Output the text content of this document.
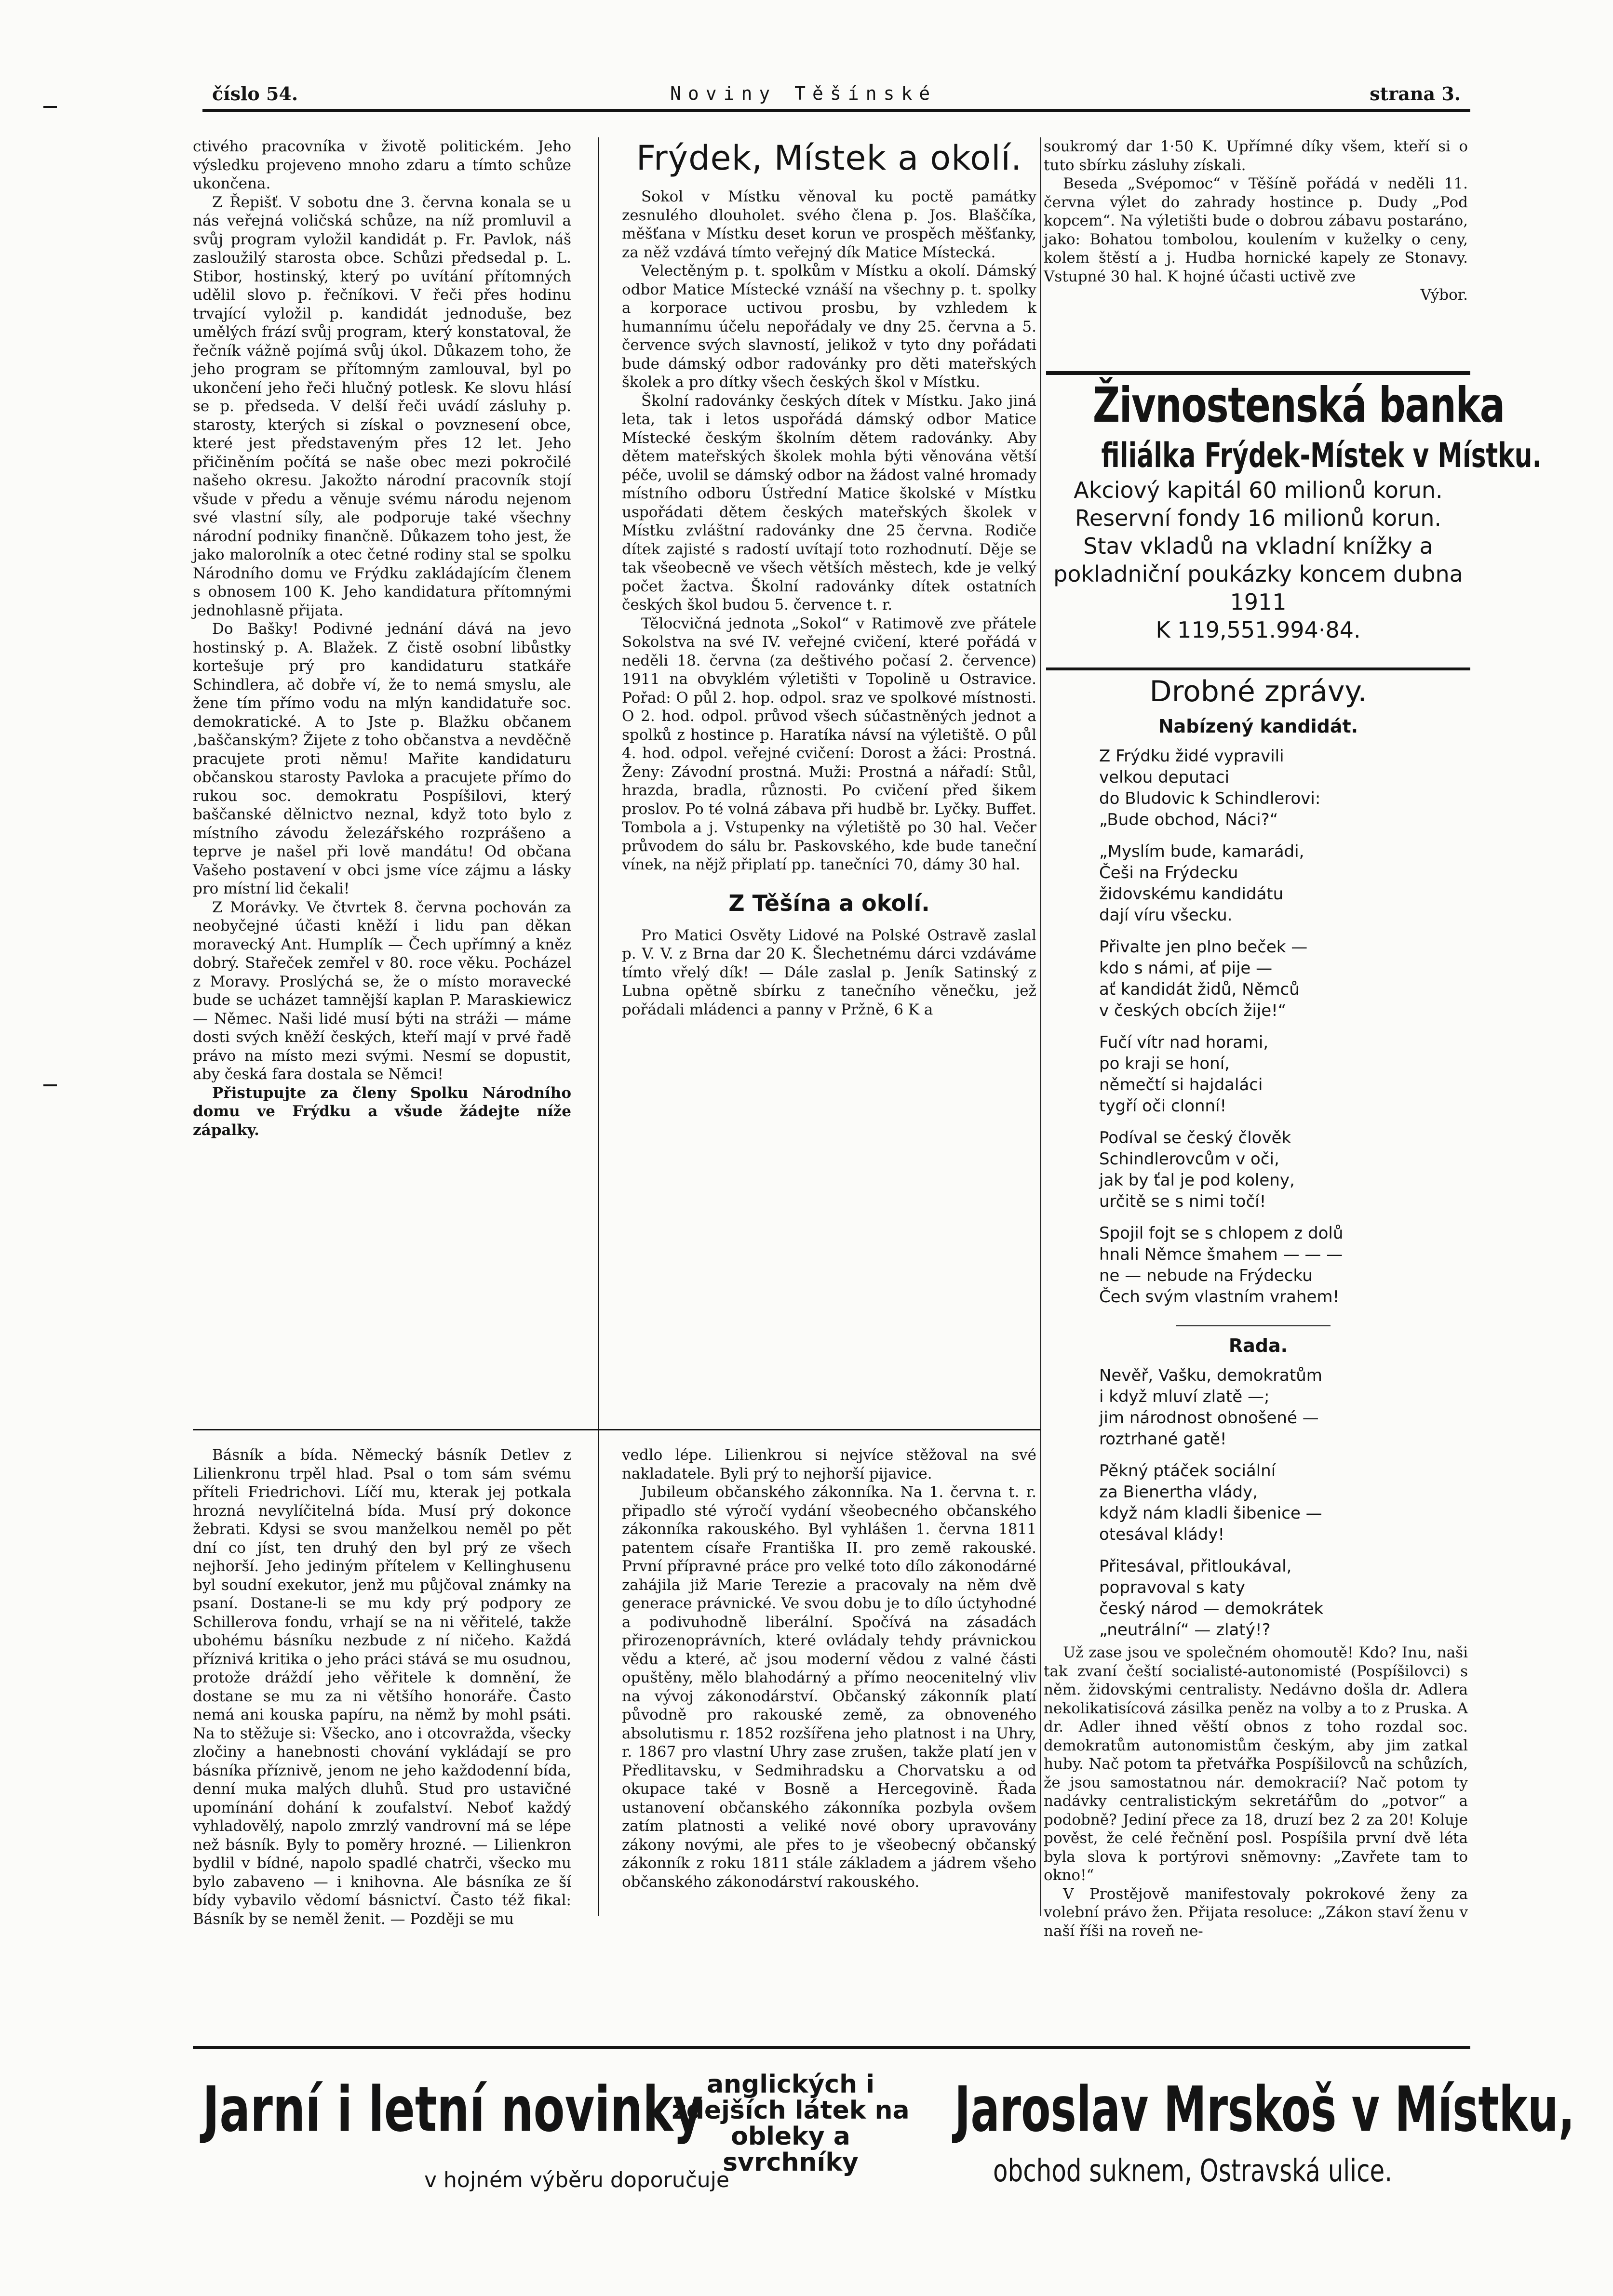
číslo 54.	Noviny Těšínské	strana 3.

ctivého pracovníka v životě politickém. Jeho výsledku projeveno mnoho zdaru a tímto schůze ukončena.

Z Řepišť. V sobotu dne 3. června konala se u nás veřejná voličská schůze, na níž promluvil a svůj program vyložil kandidát p. Fr. Pavlok, náš zasloužilý starosta obce. Schůzi předsedal p. L. Stibor, hostinský, který po uvítání přítomných udělil slovo p. řečníkovi. V řeči přes hodinu trvající vyložil p. kandidát jednoduše, bez umělých frází svůj program, který konstatoval, že řečník vážně pojímá svůj úkol. Důkazem toho, že jeho program se přítomným zamlouval, byl po ukončení jeho řeči hlučný potlesk. Ke slovu hlásí se p. předseda. V delší řeči uvádí zásluhy p. starosty, kterých si získal o povznesení obce, které jest představeným přes 12 let. Jeho přičiněním počítá se naše obec mezi pokročilé našeho okresu. Jakožto národní pracovník stojí všude v předu a věnuje svému národu nejenom své vlastní síly, ale podporuje také všechny národní podniky finančně. Důkazem toho jest, že jako malorolník a otec četné rodiny stal se spolku Národního domu ve Frýdku zakládajícím členem s obnosem 100 K. Jeho kandidatura přítomnými jednohlasně přijata.

Do Bašky! Podivné jednání dává na jevo hostinský p. A. Blažek. Z čistě osobní libůstky kortešuje prý pro kandidaturu statkáře Schindlera, ač dobře ví, že to nemá smyslu, ale žene tím přímo vodu na mlýn kandidatuře soc. demokratické. A to Jste p. Blažku občanem ,baščanským? Žijete z toho občanstva a nevděčně pracujete proti němu! Mařite kandidaturu občanskou starosty Pavloka a pracujete přímo do rukou soc. demokratu Pospíšilovi, který baščanské dělnictvo neznal, když toto bylo z místního závodu železářského rozprášeno a teprve je našel při lově mandátu! Od občana Vašeho postavení v obci jsme více zájmu a lásky pro místní lid čekali!

Z Morávky. Ve čtvrtek 8. června pochován za neobyčejné účasti kněží i lidu pan děkan moravecký Ant. Humplík — Čech upřímný a kněz dobrý. Stařeček zemřel v 80. roce věku. Pocházel z Moravy. Proslýchá se, že o místo moravecké bude se ucházet tamnější kaplan P. Maraskiewicz — Němec. Naši lidé musí býti na stráži — máme dosti svých kněží českých, kteří mají v prvé řadě právo na místo mezi svými. Nesmí se dopustit, aby česká fara dostala se Němci!

Přistupujte za členy Spolku Národního domu ve Frýdku a všude žádejte níže zápalky.

Frýdek, Místek a okolí.

Sokol v Místku věnoval ku poctě památky zesnulého dlouholet. svého člena p. Jos. Blaščíka, měšťana v Místku deset korun ve prospěch měšťanky, za něž vzdává tímto veřejný dík Matice Místecká.

Velectěným p. t. spolkům v Místku a okolí. Dámský odbor Matice Místecké vznáší na všechny p. t. spolky a korporace uctivou prosbu, by vzhledem k humannímu účelu nepořádaly ve dny 25. června a 5. července svých slavností, jelikož v tyto dny pořádati bude dámský odbor radovánky pro děti mateřských školek a pro dítky všech českých škol v Místku.

Školní radovánky českých dítek v Místku. Jako jiná leta, tak i letos uspořádá dámský odbor Matice Místecké českým školním dětem radovánky. Aby dětem mateřských školek mohla býti věnována větší péče, uvolil se dámský odbor na žádost valné hromady místního odboru Ústřední Matice školské v Místku uspořádati dětem českých mateřských školek v Místku zvláštní radovánky dne 25 června. Rodiče dítek zajisté s radostí uvítají toto rozhodnutí. Děje se tak všeobecně ve všech větších městech, kde je velký počet žactva. Školní radovánky dítek ostatních českých škol budou 5. července t. r.

Tělocvičná jednota „Sokol“ v Ratimově zve přátele Sokolstva na své IV. veřejné cvičení, které pořádá v neděli 18. června (za deštivého počasí 2. července) 1911 na obvyklém výletišti v Topolině u Ostravice. Pořad: O půl 2. hop. odpol. sraz ve spolkové místnosti. O 2. hod. odpol. průvod všech súčastněných jednot a spolků z hostince p. Haratíka návsí na výletiště. O půl 4. hod. odpol. veřejné cvičení: Dorost a žáci: Prostná. Ženy: Závodní prostná. Muži: Prostná a nářadí: Stůl, hrazda, bradla, různosti. Po cvičení před šikem proslov. Po té volná zábava při hudbě br. Lyčky. Buffet. Tombola a j. Vstupenky na výletiště po 30 hal. Večer průvodem do sálu br. Paskovského, kde bude taneční vínek, na nějž připlatí pp. tanečníci 70, dámy 30 hal.

Z Těšína a okolí.

Pro Matici Osvěty Lidové na Polské Ostravě zaslal p. V. V. z Brna dar 20 K. Šlechetnému dárci vzdáváme tímto vřelý dík! — Dále zaslal p. Jeník Satinský z Lubna opětně sbírku z tanečního věnečku, jež pořádali mládenci a panny v Pržně, 6 K a

soukromý dar 1·50 K. Upřímné díky všem, kteří si o tuto sbírku zásluhy získali.

Beseda „Svépomoc“ v Těšíně pořádá v neděli 11. června výlet do zahrady hostince p. Dudy „Pod kopcem“. Na výletišti bude o dobrou zábavu postaráno, jako: Bohatou tombolou, koulením v kuželky o ceny, kolem štěstí a j. Hudba hornické kapely ze Stonavy. Vstupné 30 hal. K hojné účasti uctivě zve

Výbor.

Živnostenská banka
filiálka Frýdek-Místek v Místku.
Akciový kapitál 60 milionů korun.
Reservní fondy 16 milionů korun.
Stav vkladů na vkladní knížky a pokladniční poukázky koncem dubna 1911
K 119,551.994·84.
Drobné zprávy.
Nabízený kandidát.
Z Frýdku židé vypravili
velkou deputaci
do Bludovic k Schindlerovi:
„Bude obchod, Náci?“
„Myslím bude, kamarádi,
Češi na Frýdecku
židovskému kandidátu
dají víru všecku.
Přivalte jen plno beček —
kdo s námi, ať pije —
ať kandidát židů, Němců
v českých obcích žije!“
Fučí vítr nad horami,
po kraji se honí,
němečtí si hajdaláci
tygří oči clonní!
Podíval se český člověk
Schindlerovcům v oči,
jak by ťal je pod koleny,
určitě se s nimi točí!
Spojil fojt se s chlopem z dolů
hnali Němce šmahem — — —
ne — nebude na Frýdecku
Čech svým vlastním vrahem!
Rada.
Nevěř, Vašku, demokratům
i když mluví zlatě —;
jim národnost obnošené —
roztrhané gatě!
Pěkný ptáček sociální
za Bienertha vlády,
když nám kladli šibenice —
otesával klády!
Přitesával, přitloukával,
popravoval s katy
český národ — demokrátek
„neutrální“ — zlatý!?

Básník a bída. Německý básník Detlev z Lilienkronu trpěl hlad. Psal o tom sám svému příteli Friedrichovi. Líčí mu, kterak jej potkala hrozná nevylíčitelná bída. Musí prý dokonce žebrati. Kdysi se svou manželkou neměl po pět dní co jíst, ten druhý den byl prý ze všech nejhorší. Jeho jediným přítelem v Kellinghusenu byl soudní exekutor, jenž mu půjčoval známky na psaní. Dostane-li se mu kdy prý podpory ze Schillerova fondu, vrhají se na ni věřitelé, takže ubohému básníku nezbude z ní ničeho. Každá příznivá kritika o jeho práci stává se mu osudnou, protože dráždí jeho věřitele k domnění, že dostane se mu za ni většího honoráře. Často nemá ani kouska papíru, na němž by mohl psáti. Na to stěžuje si: Všecko, ano i otcovražda, všecky zločiny a hanebnosti chování vykládají se pro básníka příznivě, jenom ne jeho každodenní bída, denní muka malých dluhů. Stud pro ustavičné upomínání dohání k zoufalství. Neboť každý vyhladovělý, napolo zmrzlý vandrovní má se lépe než básník. Byly to poměry hrozné. — Lilienkron bydlil v bídné, napolo spadlé chatrči, všecko mu bylo zabaveno — i knihovna. Ale básníka ze ší bídy vybavilo vědomí básnictví. Často též fikal: Básník by se neměl ženit. — Později se mu

vedlo lépe. Lilienkrou si nejvíce stěžoval na své nakladatele. Byli prý to nejhorší pijavice.

Jubileum občanského zákonníka. Na 1. června t. r. připadlo sté výročí vydání všeobecného občanského zákonníka rakouského. Byl vyhlášen 1. června 1811 patentem císaře Františka II. pro země rakouské. První přípravné práce pro velké toto dílo zákonodárné zahájila již Marie Terezie a pracovaly na něm dvě generace právnické. Ve svou dobu je to dílo úctyhodné a podivuhodně liberální. Spočívá na zásadách přirozenoprávních, které ovládaly tehdy právnickou vědu a které, ač jsou moderní vědou z valné části opuštěny, mělo blahodárný a přímo neocenitelný vliv na vývoj zákonodárství. Občanský zákonník platí původně pro rakouské země, za obnoveného absolutismu r. 1852 rozšířena jeho platnost i na Uhry, r. 1867 pro vlastní Uhry zase zrušen, takže platí jen v Předlitavsku, v Sedmihradsku a Chorvatsku a od okupace také v Bosně a Hercegovině. Řada ustanovení občanského zákonníka pozbyla ovšem zatím platnosti a veliké nové obory upravovány zákony novými, ale přes to je všeobecný občanský zákonník z roku 1811 stále základem a jádrem všeho občanského zákonodárství rakouského.

Už zase jsou ve společném ohomoutě! Kdo? Inu, naši tak zvaní čeští socialisté-autonomisté (Pospíšilovci) s něm. židovskými centralisty. Nedávno došla dr. Adlera nekolikatisícová zásilka peněz na volby a to z Pruska. A dr. Adler ihned věští obnos z toho rozdal soc. demokratům autonomistům českým, aby jim zatkal huby. Nač potom ta přetvářka Pospíšilovců na schůzích, že jsou samostatnou nár. demokracií? Nač potom ty nadávky centralistickým sekretářům do „potvor“ a podobně? Jediní přece za 18, druzí bez 2 za 20! Koluje pověst, že celé řečnění posl. Pospíšila první dvě léta byla slova k portýrovi sněmovny: „Zavřete tam to okno!“

V Prostějově manifestovaly pokrokové ženy za volební právo žen. Přijata resoluce: „Zákon staví ženu v naší říši na roveň ne-

Jarní i letní novinky anglických i zdejších látek na obleky a svrchníky
Jaroslav Mrskoš v Místku,
v hojném výběru doporučuje	obchod suknem, Ostravská ulice.
